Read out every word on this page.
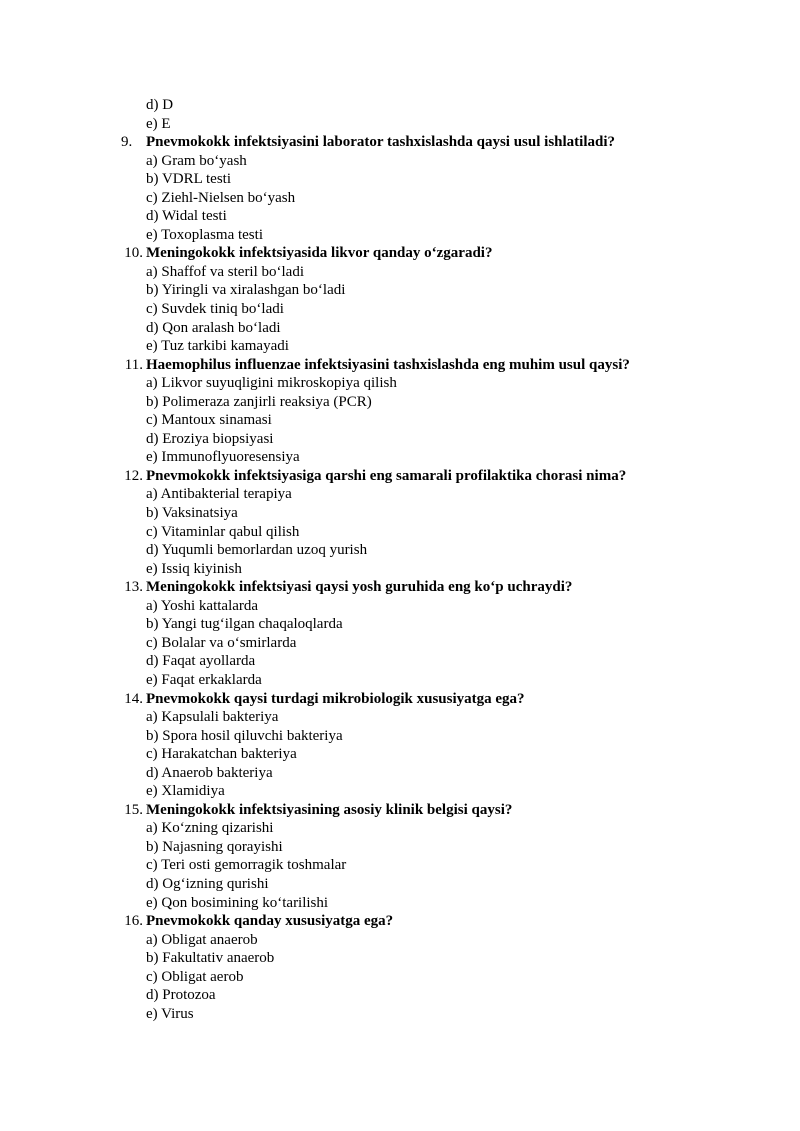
d) D
e) E
9. Pnevmokokk infektsiyasini laborator tashxislashda qaysi usul ishlatiladi?
a) Gram bo‘yash
b) VDRL testi
c) Ziehl-Nielsen bo‘yash
d) Widal testi
e) Toxoplasma testi
10. Meningokokk infektsiyasida likvor qanday o‘zgaradi?
a) Shaffof va steril bo‘ladi
b) Yiringli va xiralashgan bo‘ladi
c) Suvdek tiniq bo‘ladi
d) Qon aralash bo‘ladi
e) Tuz tarkibi kamayadi
11. Haemophilus influenzae infektsiyasini tashxislashda eng muhim usul qaysi?
a) Likvor suyuqligini mikroskopiya qilish
b) Polimeraza zanjirli reaksiya (PCR)
c) Mantoux sinamasi
d) Eroziya biopsiyasi
e) Immunoflyuoresensiya
12. Pnevmokokk infektsiyasiga qarshi eng samarali profilaktika chorasi nima?
a) Antibakterial terapiya
b) Vaksinatsiya
c) Vitaminlar qabul qilish
d) Yuqumli bemorlardan uzoq yurish
e) Issiq kiyinish
13. Meningokokk infektsiyasi qaysi yosh guruhida eng ko‘p uchraydi?
a) Yoshi kattalarda
b) Yangi tug‘ilgan chaqaloqlarda
c) Bolalar va o‘smirlarda
d) Faqat ayollarda
e) Faqat erkaklarda
14. Pnevmokokk qaysi turdagi mikrobiologik xususiyatga ega?
a) Kapsulali bakteriya
b) Spora hosil qiluvchi bakteriya
c) Harakatchan bakteriya
d) Anaerob bakteriya
e) Xlamidiya
15. Meningokokk infektsiyasining asosiy klinik belgisi qaysi?
a) Ko‘zning qizarishi
b) Najasning qorayishi
c) Teri osti gemorragik toshmalar
d) Og‘izning qurishi
e) Qon bosimining ko‘tarilishi
16. Pnevmokokk qanday xususiyatga ega?
a) Obligat anaerob
b) Fakultativ anaerob
c) Obligat aerob
d) Protozoa
e) Virus
